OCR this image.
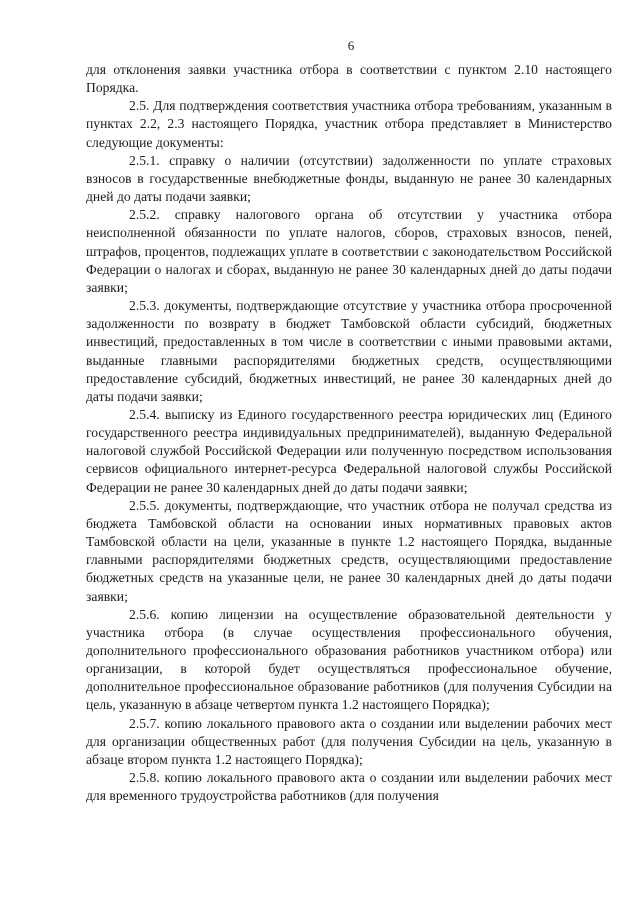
6

для отклонения заявки участника отбора в соответствии с пунктом 2.10 настоящего Порядка.

2.5. Для подтверждения соответствия участника отбора требованиям, указанным в пунктах 2.2, 2.3 настоящего Порядка, участник отбора представляет в Министерство следующие документы:

2.5.1. справку о наличии (отсутствии) задолженности по уплате страховых взносов в государственные внебюджетные фонды, выданную не ранее 30 календарных дней до даты подачи заявки;

2.5.2. справку налогового органа об отсутствии у участника отбора неисполненной обязанности по уплате налогов, сборов, страховых взносов, пеней, штрафов, процентов, подлежащих уплате в соответствии с законодательством Российской Федерации о налогах и сборах, выданную не ранее 30 календарных дней до даты подачи заявки;

2.5.3. документы, подтверждающие отсутствие у участника отбора просроченной задолженности по возврату в бюджет Тамбовской области субсидий, бюджетных инвестиций, предоставленных в том числе в соответствии с иными правовыми актами, выданные главными распорядителями бюджетных средств, осуществляющими предоставление субсидий, бюджетных инвестиций, не ранее 30 календарных дней до даты подачи заявки;

2.5.4. выписку из Единого государственного реестра юридических лиц (Единого государственного реестра индивидуальных предпринимателей), выданную Федеральной налоговой службой Российской Федерации или полученную посредством использования сервисов официального интернет-ресурса Федеральной налоговой службы Российской Федерации не ранее 30 календарных дней до даты подачи заявки;

2.5.5. документы, подтверждающие, что участник отбора не получал средства из бюджета Тамбовской области на основании иных нормативных правовых актов Тамбовской области на цели, указанные в пункте 1.2 настоящего Порядка, выданные главными распорядителями бюджетных средств, осуществляющими предоставление бюджетных средств на указанные цели, не ранее 30 календарных дней до даты подачи заявки;

2.5.6. копию лицензии на осуществление образовательной деятельности у участника отбора (в случае осуществления профессионального обучения, дополнительного профессионального образования работников участником отбора) или организации, в которой будет осуществляться профессиональное обучение, дополнительное профессиональное образование работников (для получения Субсидии на цель, указанную в абзаце четвертом пункта 1.2 настоящего Порядка);

2.5.7. копию локального правового акта о создании или выделении рабочих мест для организации общественных работ (для получения Субсидии на цель, указанную в абзаце втором пункта 1.2 настоящего Порядка);

2.5.8. копию локального правового акта о создании или выделении рабочих мест для временного трудоустройства работников (для получения
